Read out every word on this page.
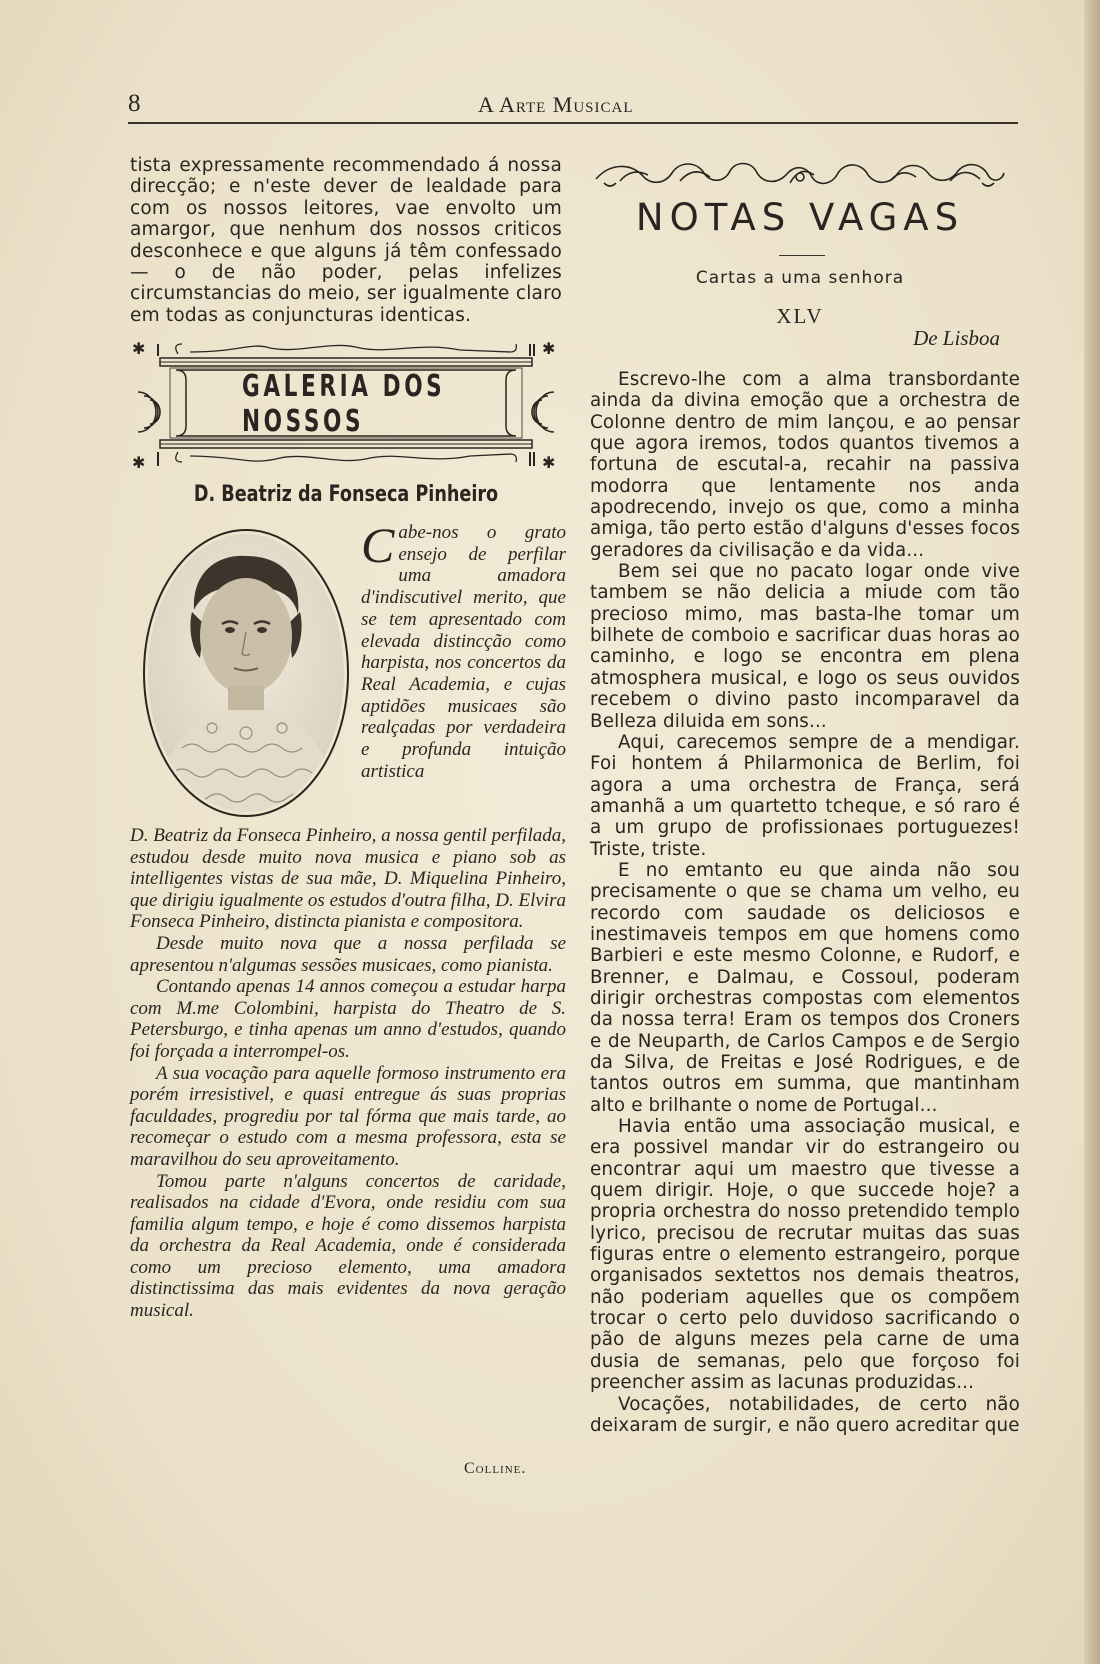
8	A Arte Musical

tista expressamente recommendado á nossa direcção; e n'este dever de lealdade para com os nossos leitores, vae envolto um amargor, que nenhum dos nossos criticos desconhece e que alguns já têm confessado — o de não poder, pelas infelizes circumstancias do meio, ser igualmente claro em todas as conjuncturas identicas.

✱	✱
✱	✱
GALERIA DOS NOSSOS
D. Beatriz da Fonseca Pinheiro
Cabe-nos o grato ensejo de perfilar uma amadora d'indiscutivel merito, que se tem apresentado com elevada distincção como harpista, nos concertos da Real Academia, e cujas aptidões musicaes são realçadas por verdadeira e profunda intuição artistica

D. Beatriz da Fonseca Pinheiro, a nossa gentil perfilada, estudou desde muito nova musica e piano sob as intelligentes vistas de sua mãe, D. Miquelina Pinheiro, que dirigiu igualmente os estudos d'outra filha, D. Elvira Fonseca Pinheiro, distincta pianista e compositora.

Desde muito nova que a nossa perfilada se apresentou n'algumas sessões musicaes, como pianista.

Contando apenas 14 annos começou a estudar harpa com M.me Colombini, harpista do Theatro de S. Petersburgo, e tinha apenas um anno d'estudos, quando foi forçada a interrompel-os.

A sua vocação para aquelle formoso instrumento era porém irresistivel, e quasi entregue ás suas proprias faculdades, progrediu por tal fórma que mais tarde, ao recomeçar o estudo com a mesma professora, esta se maravilhou do seu aproveitamento.

Tomou parte n'alguns concertos de caridade, realisados na cidade d'Evora, onde residiu com sua familia algum tempo, e hoje é como dissemos harpista da orchestra da Real Academia, onde é considerada como um precioso elemento, uma amadora distinctissima das mais evidentes da nova geração musical.

Colline.
NOTAS VAGAS
Cartas a uma senhora
XLV
De Lisboa

Escrevo-lhe com a alma transbordante ainda da divina emoção que a orchestra de Colonne dentro de mim lançou, e ao pensar que agora iremos, todos quantos tivemos a fortuna de escutal-a, recahir na passiva modorra que lentamente nos anda apodrecendo, invejo os que, como a minha amiga, tão perto estão d'alguns d'esses focos geradores da civilisação e da vida...

Bem sei que no pacato logar onde vive tambem se não delicia a miude com tão precioso mimo, mas basta-lhe tomar um bilhete de comboio e sacrificar duas horas ao caminho, e logo se encontra em plena atmosphera musical, e logo os seus ouvidos recebem o divino pasto incomparavel da Belleza diluida em sons...

Aqui, carecemos sempre de a mendigar. Foi hontem á Philarmonica de Berlim, foi agora a uma orchestra de França, será amanhã a um quartetto tcheque, e só raro é a um grupo de profissionaes portuguezes! Triste, triste.

E no emtanto eu que ainda não sou precisamente o que se chama um velho, eu recordo com saudade os deliciosos e inestimaveis tempos em que homens como Barbieri e este mesmo Colonne, e Rudorf, e Brenner, e Dalmau, e Cossoul, poderam dirigir orchestras compostas com elementos da nossa terra! Eram os tempos dos Croners e de Neuparth, de Carlos Campos e de Sergio da Silva, de Freitas e José Rodrigues, e de tantos outros em summa, que mantinham alto e brilhante o nome de Portugal...

Havia então uma associação musical, e era possivel mandar vir do estrangeiro ou encontrar aqui um maestro que tivesse a quem dirigir. Hoje, o que succede hoje? a propria orchestra do nosso pretendido templo lyrico, precisou de recrutar muitas das suas figuras entre o elemento estrangeiro, porque organisados sextettos nos demais theatros, não poderiam aquelles que os compõem trocar o certo pelo duvidoso sacrificando o pão de alguns mezes pela carne de uma dusia de semanas, pelo que forçoso foi preencher assim as lacunas produzidas...

Vocações, notabilidades, de certo não deixaram de surgir, e não quero acreditar que
